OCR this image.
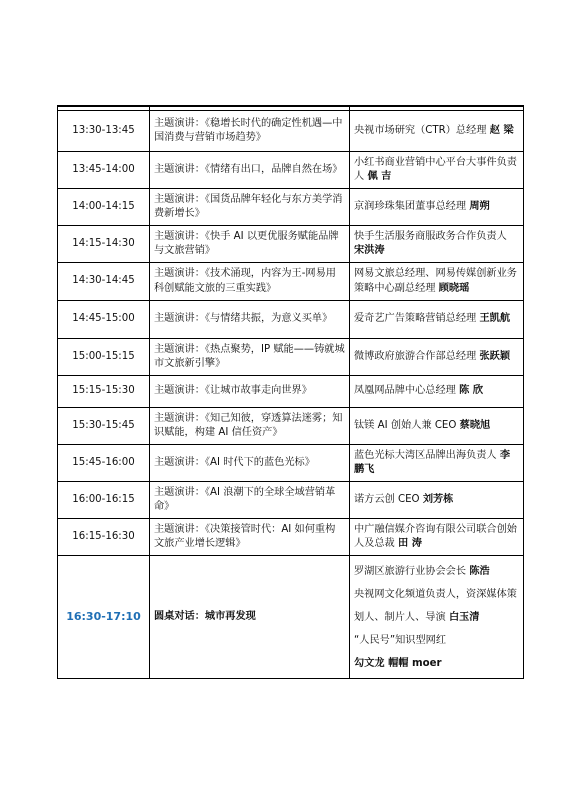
13:30-13:45	主题演讲：《稳增长时代的确定性机遇—中国消费与营销市场趋势》	央视市场研究（CTR）总经理 赵 梁
13:45-14:00	主题演讲：《情绪有出口，品牌自然在场》	小红书商业营销中心平台大事件负责人 佩 吉
14:00-14:15	主题演讲：《国货品牌年轻化与东方美学消费新增长》	京润珍珠集团董事总经理 周朔
14:15-14:30	主题演讲：《快手 AI 以更优服务赋能品牌与文旅营销》	快手生活服务商服政务合作负责人 宋洪涛
14:30-14:45	主题演讲：《技术涌现，内容为王-网易用科创赋能文旅的三重实践》	网易文旅总经理、网易传媒创新业务策略中心副总经理 顾晓瑶
14:45-15:00	主题演讲：《与情绪共振，为意义买单》	爱奇艺广告策略营销总经理 王凯航
15:00-15:15	主题演讲：《热点聚势，IP 赋能——铸就城市文旅新引擎》	微博政府旅游合作部总经理 张跃颖
15:15-15:30	主题演讲：《让城市故事走向世界》	凤凰网品牌中心总经理 陈 欣
15:30-15:45	主题演讲：《知己知彼，穿透算法迷雾；知识赋能，构建 AI 信任资产》	钛镁 AI 创始人兼 CEO 蔡晓旭
15:45-16:00	主题演讲：《AI 时代下的蓝色光标》	蓝色光标大湾区品牌出海负责人 李鹏飞
16:00-16:15	主题演讲：《AI 浪潮下的全球全域营销革命》	诺方云创 CEO 刘芳栋
16:15-16:30	主题演讲：《决策接管时代：AI 如何重构文旅产业增长逻辑》	中广融信媒介咨询有限公司联合创始人及总裁 田 涛
16:30-17:10	圆桌对话：城市再发现	罗湖区旅游行业协会会长 陈浩
央视网文化频道负责人，资深媒体策划人、制片人、导演 白玉清
“人民号”知识型网红
勾文龙 帽帽 moer
